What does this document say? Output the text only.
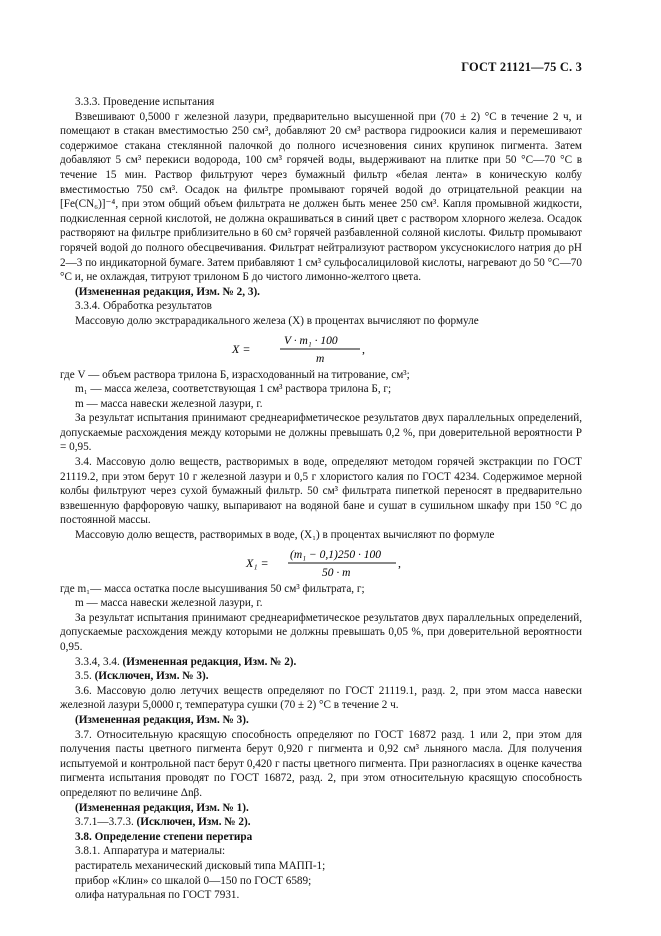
ГОСТ 21121—75 С. 3

3.3.3. Проведение испытания

Взвешивают 0,5000 г железной лазури, предварительно высушенной при (70 ± 2) °С в течение 2 ч, и помещают в стакан вместимостью 250 см³, добавляют 20 см³ раствора гидроокиси калия и перемешивают содержимое стакана стеклянной палочкой до полного исчезновения синих крупинок пигмента. Затем добавляют 5 см³ перекиси водорода, 100 см³ горячей воды, выдерживают на плитке при 50 °С—70 °С в течение 15 мин. Раствор фильтруют через бумажный фильтр «белая лента» в коническую колбу вместимостью 750 см³. Осадок на фильтре промывают горячей водой до отрицательной реакции на [Fe(CN₆)]⁻⁴, при этом общий объем фильтрата не должен быть менее 250 см³. Капля промывной жидкости, подкисленная серной кислотой, не должна окрашиваться в синий цвет с раствором хлорного железа. Осадок растворяют на фильтре приблизительно в 60 см³ горячей разбавленной соляной кислоты. Фильтр промывают горячей водой до полного обесцвечивания. Фильтрат нейтрализуют раствором уксуснокислого натрия до pH 2—3 по индикаторной бумаге. Затем прибавляют 1 см³ сульфосалициловой кислоты, нагревают до 50 °С—70 °С и, не охлаждая, титруют трилоном Б до чистого лимонно-желтого цвета.

(Измененная редакция, Изм. № 2, 3).

3.3.4. Обработка результатов

Массовую долю экстрарадикального железа (X) в процентах вычисляют по формуле

X =
V · m₁ · 100
m
,

где V — объем раствора трилона Б, израсходованный на титрование, см³;

m₁ — масса железа, соответствующая 1 см³ раствора трилона Б, г;

m — масса навески железной лазури, г.

За результат испытания принимают среднеарифметическое результатов двух параллельных определений, допускаемые расхождения между которыми не должны превышать 0,2 %, при доверительной вероятности P = 0,95.

3.4. Массовую долю веществ, растворимых в воде, определяют методом горячей экстракции по ГОСТ 21119.2, при этом берут 10 г железной лазури и 0,5 г хлористого калия по ГОСТ 4234. Содержимое мерной колбы фильтруют через сухой бумажный фильтр. 50 см³ фильтрата пипеткой переносят в предварительно взвешенную фарфоровую чашку, выпаривают на водяной бане и сушат в сушильном шкафу при 150 °С до постоянной массы.

Массовую долю веществ, растворимых в воде, (X₁) в процентах вычисляют по формуле

X₁ =
(m₁ − 0,1)250 · 100
50 · m
,

где m₁— масса остатка после высушивания 50 см³ фильтрата, г;

m — масса навески железной лазури, г.

За результат испытания принимают среднеарифметическое результатов двух параллельных определений, допускаемые расхождения между которыми не должны превышать 0,05 %, при доверительной вероятности 0,95.

3.3.4, 3.4. (Измененная редакция, Изм. № 2).

3.5. (Исключен, Изм. № 3).

3.6. Массовую долю летучих веществ определяют по ГОСТ 21119.1, разд. 2, при этом масса навески железной лазури 5,0000 г, температура сушки (70 ± 2) °С в течение 2 ч.

(Измененная редакция, Изм. № 3).

3.7. Относительную красящую способность определяют по ГОСТ 16872 разд. 1 или 2, при этом для получения пасты цветного пигмента берут 0,920 г пигмента и 0,92 см³ льняного масла. Для получения испытуемой и контрольной паст берут 0,420 г пасты цветного пигмента. При разногласиях в оценке качества пигмента испытания проводят по ГОСТ 16872, разд. 2, при этом относительную красящую способность определяют по величине Δnβ.

(Измененная редакция, Изм. № 1).

3.7.1—3.7.3. (Исключен, Изм. № 2).

3.8. Определение степени перетира

3.8.1. Аппаратура и материалы:

растиратель механический дисковый типа МАПП-1;

прибор «Клин» со шкалой 0—150 по ГОСТ 6589;

олифа натуральная по ГОСТ 7931.
